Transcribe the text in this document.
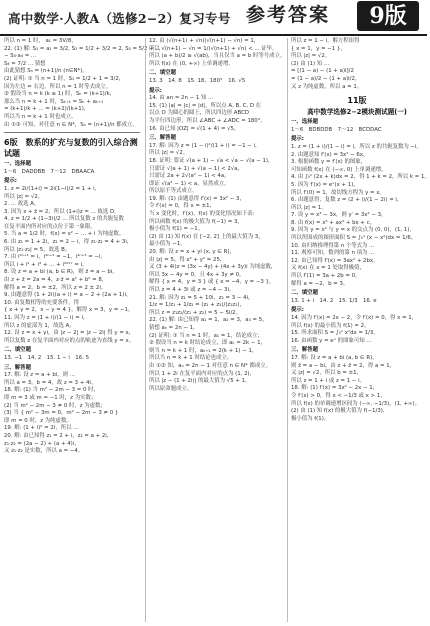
高中数学·人教A（选修2−2）复习专号 参考答案	9版
所以 n = 1 时， a₁ = 3V/8，
22. (1) 解: S₁ = a₁ = 3/2, S₂ = 1/2 + 3/2 = 2, S₃ = 5/2 + ...
− S₃·a₄ = ...
S₄ = 7/2 ... 猜想
由此猜想 Sₙ = (n+1)/n (n∈N*)。
(2) 证明: ① 当 n = 1 时，S₁ = 1/2 + 1 = 3/2，
因为左边 = 右边，所以 n = 1 时等式成立。
② 假设当 n = k (k ≥ 1) 时，Sₖ = (k+1)/k，
那么当 n = k + 1 时，Sₖ₊₁ = Sₖ + aₖ₊₁
= (k+1)/k + ... = (k+2)/(k+1)，
所以当 n = k + 1 时也成立。
由 ①② 可知，对任意 n ∈ N*，Sₙ = (n+1)/n 都成立。
6版　数系的扩充与复数的引入综合测试题
一、选择题
1～6　DADDBB　7～12　DBAACA
提示:
1. z = 2i/(1+i) = 2i(1−i)/2 = 1 + i，
所以 |z| = √2。
2. ... 故选 A。
3. 因为 z + z̄ = 2，所以 (1+i)z = ... 故选 D。
4. z = 1/2 + (1−3i)/2 ... 所以复数 z 的共轭复数
在复平面内所对应的点位于第一象限。
5. 当 a = 1/2 时，f(x) = x² − ... + i 为纯虚数。
6. 由 z₁ = 1 + 2i，z₂ = 2 − i，得 z₁·z₂ = 4 + 3i，
所以 |z₁·z₂| = 5，故选 B。
7. 由 i⁴ⁿ⁺¹ = i，i⁴ⁿ⁺² = −1，i⁴ⁿ⁺³ = −i，
所以 i + i² + i³ + … + i²⁰¹⁷ = i。
8. 设 z = a + bi (a, b ∈ R)，则 z̄ = a − bi，
由 z + z̄ = 2a = 4，z·z̄ = a² + b² = 8，
解得 a = 2，b = ±2，所以 z = 2 ± 2i。
9. 由题意得 (1 + 2i)(a + i) = a − 2 + (2a + 1)i，
10. 由复数相等的充要条件，得
{ x + y = 2，x − y = 4 }，解得 x = 3，y = −1。
11. 因为 z = (1 + i)/(1 − i) = i，
所以 z 的虚部为 1，故选 A。
12. 设 z = x + yi，由 |z − 2| = |z − 2i| 得 y = x，
所以复数 z 在复平面内对应的点的轨迹为直线 y = x。
二、填空题
13. −1　14. 2　15. 1 − i　16. 5
三、解答题
17. 解: 设 z = a + bi，则 ...
所以 a = 3，b = 4，故 z = 3 + 4i。
18. 解: (1) 当 m² − 2m − 3 = 0 时，
即 m = 3 或 m = −1 时，z 为实数；
(2) 当 m² − 2m − 3 ≠ 0 时，z 为虚数；
(3) 当 { m² − 3m = 0，m² − 2m − 3 ≠ 0 }
即 m = 0 时，z 为纯虚数。
19. 解: (1 + i)² = 2i，所以 ...
20. 解: 由已知得 z₁ = 2 + i，z₂ = a + 2i，
z₁·z₂ = (2a − 2) + (a + 4)i，
又 z₁·z₂ 是实数，所以 a = −4。
12. 由 (√(n+1) + √n)(√(n+1) − √n) = 1，
所以 √(n+1) − √n = 1/(√(n+1) + √n) < ... 证毕。
所以 (a + b)/2 ≥ √(ab)，当且仅当 a = b 时等号成立。
所以 f(x) 在 (0, +∞) 上单调递增。
二、填空题
13. 3　14. 8　15. 18、180°　16. √5
提示:
14. 由 an = 2n − 1 知 ...
15. (1) |a| = |c| = |d|，所以点 A, B, C, D 在
以点 O 为圆心的圆上，所以四边形 ABCD
为平行四边形，所以 ∠ABC + ∠ADC = 180°。
16. 由已知 |OZ| = √(1 + 4) = √5。
三、解答题
17. 解: 因为 z = (1 − i)²/(1 + i) = −1 − i，
所以 |z| = √2。
18. 证明: 要证 √(a + 1) − √a < √a − √(a − 1)，
只需证 √(a + 1) + √(a − 1) < 2√a，
只需证 2a + 2√(a² − 1) < 4a，
即证 √(a² − 1) < a，显然成立。
所以原不等式成立。
19. 解: (1) 由题意得 f′(x) = 3x² − 3，
令 f′(x) = 0，得 x = ±1，
当 x 变化时，f′(x)，f(x) 的变化情况如下表:
所以函数 f(x) 的极大值为 f(−1) = 3，
极小值为 f(1) = −1。
(2) 由 (1) 知 f(x) 在 [−2, 2] 上的最大值为 3，
最小值为 −1。
20. 解: 设 z = x + yi (x, y ∈ R)，
由 |z| = 5，得 x² + y² = 25，
又 (3 + 4i)z = (3x − 4y) + (4x + 3y)i 为纯虚数，
所以 3x − 4y = 0，且 4x + 3y ≠ 0，
解得 { x = 4，y = 3 } 或 { x = −4，y = −3 }，
所以 z = 4 + 3i 或 z = −4 − 3i。
21. 解: 因为 z₁ = 5 + 10i，z₂ = 3 − 4i，
1/z = 1/z₁ + 1/z₂ = (z₁ + z₂)/(z₁z₂)，
所以 z = z₁z₂/(z₁ + z₂) = 5 − 5i/2。
22. (1) 解: 由已知得 a₁ = 1，a₂ = 3，a₃ = 5，
猜想 aₙ = 2n − 1。
(2) 证明: ① 当 n = 1 时，a₁ = 1，结论成立；
② 假设当 n = k 时结论成立，即 aₖ = 2k − 1，
则当 n = k + 1 时，aₖ₊₁ = 2(k + 1) − 1，
所以当 n = k + 1 时结论也成立。
由 ①② 知，aₙ = 2n − 1 对任意 n ∈ N* 都成立。
所以 1 + 2i 在复平面内对应的点为 (1, 2)，
所以 |z − (1 + 2i)| 的最大值为 √5 + 1。
所以原命题成立。
所以 z = 1 − i，解方程组得
{ x = 1，y = −1 }，
所以 |z| = √2。
(2) 由 (1) 知 ...
= [(1 − a) − (1 + a)i]/2
= (1 − a)/2 − (1 + a)i/2，
又 z 为纯虚数，所以 a = 1。
11版
高中数学选修2−2模块测试题(一)
一、选择题
1～6　BDBDDB　7～12　BCDDAC
提示:
1. z = (1 + i)/(1 − i) = i，所以 z 的共轭复数为 −i。
2. 由题意知 f′(x) = 3x² − 6x，
3. 根据函数 y = f′(x) 的图象，
可知函数 f(x) 在 (−∞, 0) 上单调递增，
4. 由 ∫₀¹ (2x + k)dx = 2，得 1 + k = 2，所以 k = 1。
5. 因为 f′(x) = eˣ(x + 1)，
所以 f′(0) = 1，故切线方程为 y = x。
6. 由题意得，复数 z = (2 + i)/(1 − 2i) = i，
所以 |z| = 1。
7. 设 y = x³ − 3x，则 y′ = 3x² − 3，
8. 由 f(x) = x³ + ax² + bx + c，
9. 因为 y = x² 与 y = x 的交点为 (0, 0)，(1, 1)，
所以所围成的图形面积 S = ∫₀¹ (x − x²)dx = 1/6。
10. 由归纳推理得第 n 个等式为 ...
11. 观察可知，数列的第 n 项为 ...
12. 由已知得 f′(x) = 3ax² + 2bx，
又 f(x) 在 x = 1 处取得极值，
所以 f′(1) = 3a + 2b = 0，
解得 a = −2，b = 3。
二、填空题
13. 1 + i　14. 2　15. 1/3　16. e
提示:
14. 因为 f′(x) = 2x − 2，令 f′(x) = 0，得 x = 1，
所以 f(x) 的最小值为 f(1) = 2。
15. 所求面积 S = ∫₀¹ x²dx = 1/3。
16. 由函数 y = eˣ 的图象可知 ...
三、解答题
17. 解: 设 z = a + bi (a, b ∈ R)，
则 z̄ = a − bi，由 z + z̄ = 2，得 a = 1，
又 |z| = √2，所以 b = ±1，
所以 z = 1 + i 或 z = 1 − i。
18. 解: (1) f′(x) = 3x² − 2x − 1，
令 f′(x) > 0，得 x < −1/3 或 x > 1，
所以 f(x) 的单调递增区间为 (−∞, −1/3)，(1, +∞)。
(2) 由 (1) 知 f(x) 的极大值为 f(−1/3)，
极小值为 f(1)。
